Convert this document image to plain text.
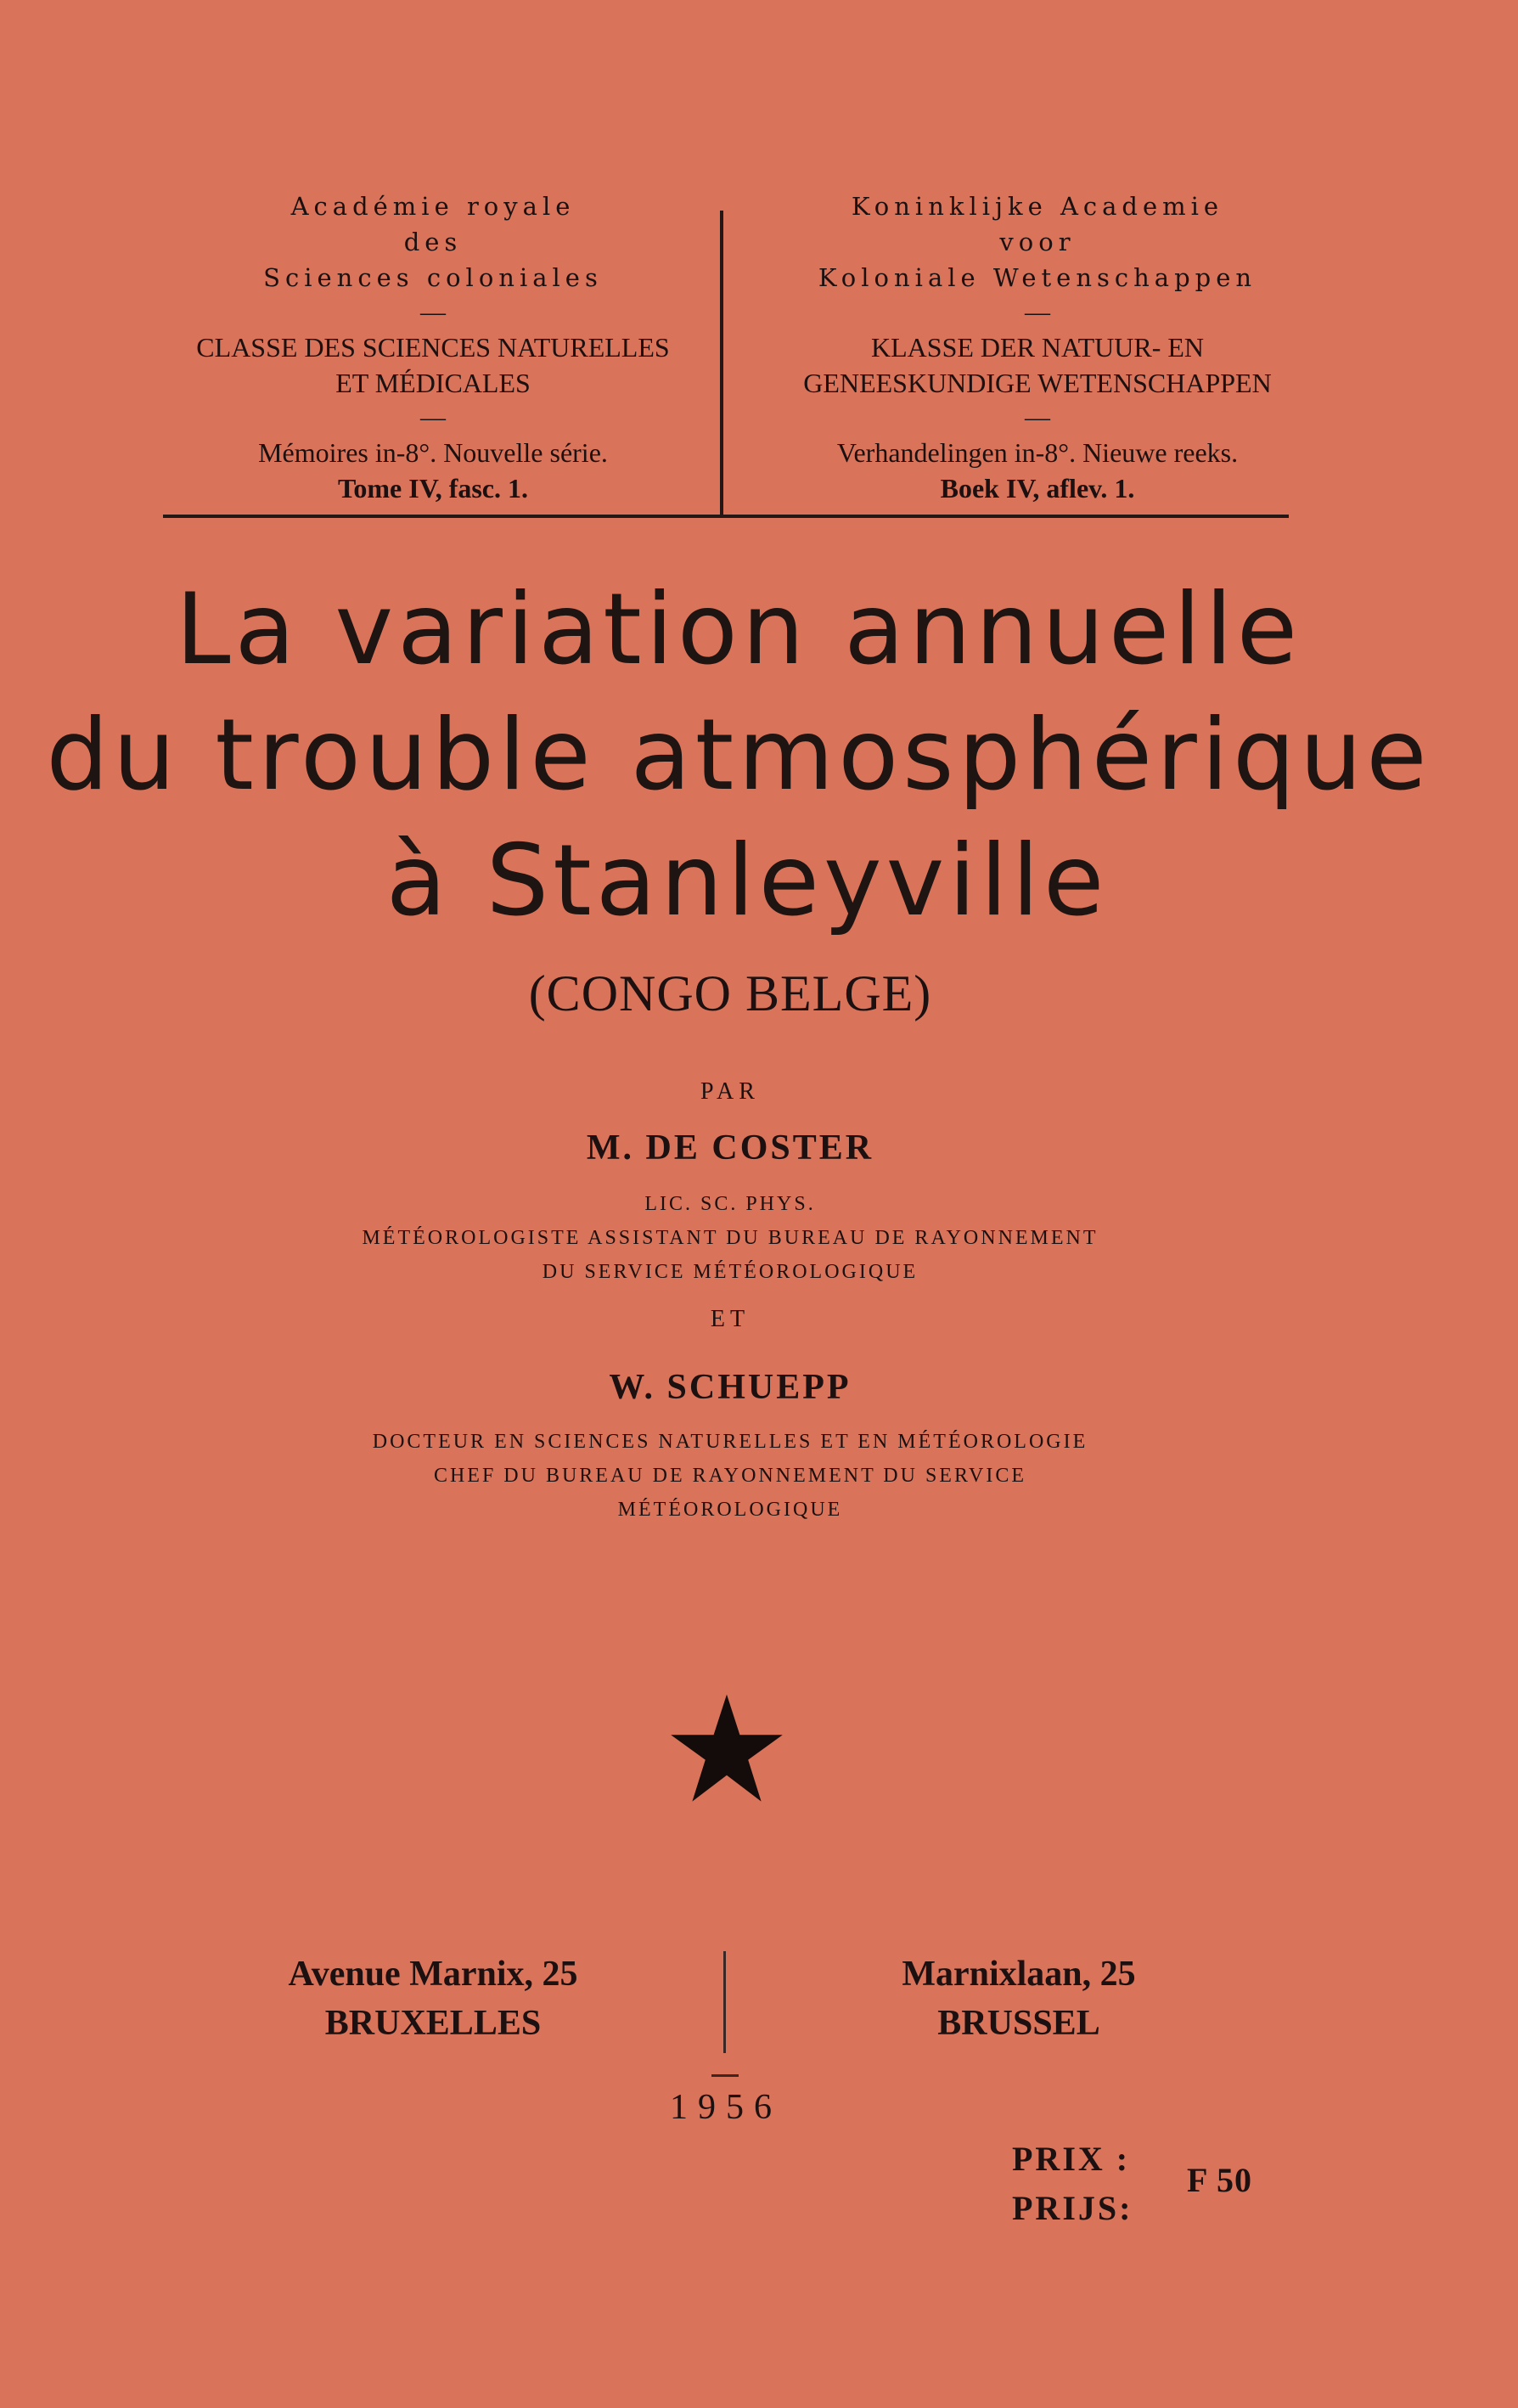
Académie royale
des
Sciences coloniales
—
CLASSE DES SCIENCES NATURELLES
ET MÉDICALES
—
Mémoires in-8°. Nouvelle série.
Tome IV, fasc. 1.
Koninklijke Academie
voor
Koloniale Wetenschappen
—
KLASSE DER NATUUR- EN
GENEESKUNDIGE WETENSCHAPPEN
—
Verhandelingen in-8°. Nieuwe reeks.
Boek IV, aflev. 1.
La variation annuelle
du trouble atmosphérique
à Stanleyville
(CONGO BELGE)
PAR
M. DE COSTER
LIC. SC. PHYS.
MÉTÉOROLOGISTE ASSISTANT DU BUREAU DE RAYONNEMENT
DU SERVICE MÉTÉOROLOGIQUE
ET
W. SCHUEPP
DOCTEUR EN SCIENCES NATURELLES ET EN MÉTÉOROLOGIE
CHEF DU BUREAU DE RAYONNEMENT DU SERVICE
MÉTÉOROLOGIQUE
Avenue Marnix, 25
BRUXELLES
Marnixlaan, 25
BRUSSEL
1956
PRIX :
PRIJS:
F 50
